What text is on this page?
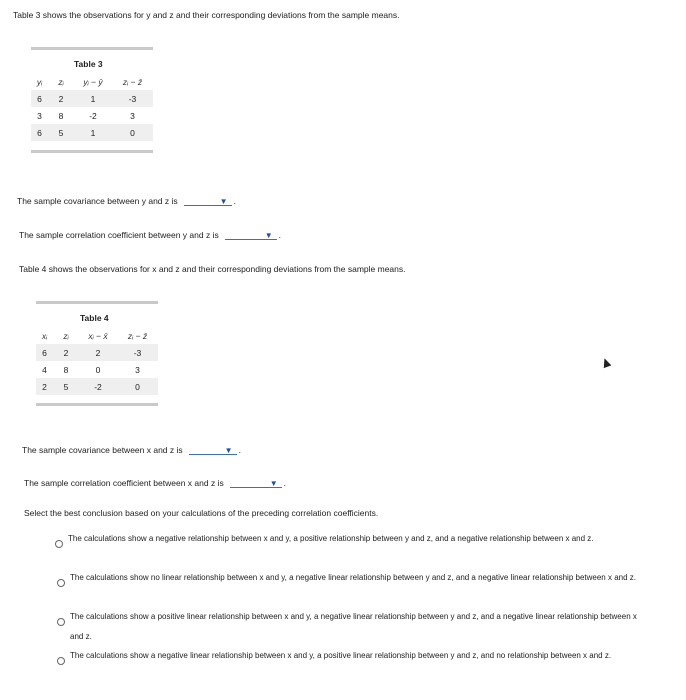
Table 3 shows the observations for y and z and their corresponding deviations from the sample means.
Table 3
yᵢ	zᵢ	yᵢ − ȳ	zᵢ − z̄
6	2	1	-3
3	8	-2	3
6	5	1	0
The sample covariance between y and z is	▼ .
The sample correlation coefficient between y and z is	▼ .
Table 4 shows the observations for x and z and their corresponding deviations from the sample means.
Table 4
xᵢ	zᵢ	xᵢ − x̄	zᵢ − z̄
6	2	2	-3
4	8	0	3
2	5	-2	0
The sample covariance between x and z is	▼ .
The sample correlation coefficient between x and z is	▼ .
Select the best conclusion based on your calculations of the preceding correlation coefficients.
The calculations show a negative relationship between x and y, a positive relationship between y and z, and a negative relationship between x and z.
The calculations show no linear relationship between x and y, a negative linear relationship between y and z, and a negative linear relationship between x and z.
The calculations show a positive linear relationship between x and y, a negative linear relationship between y and z, and a negative linear relationship between x and z.
The calculations show a negative linear relationship between x and y, a positive linear relationship between y and z, and no relationship between x and z.
